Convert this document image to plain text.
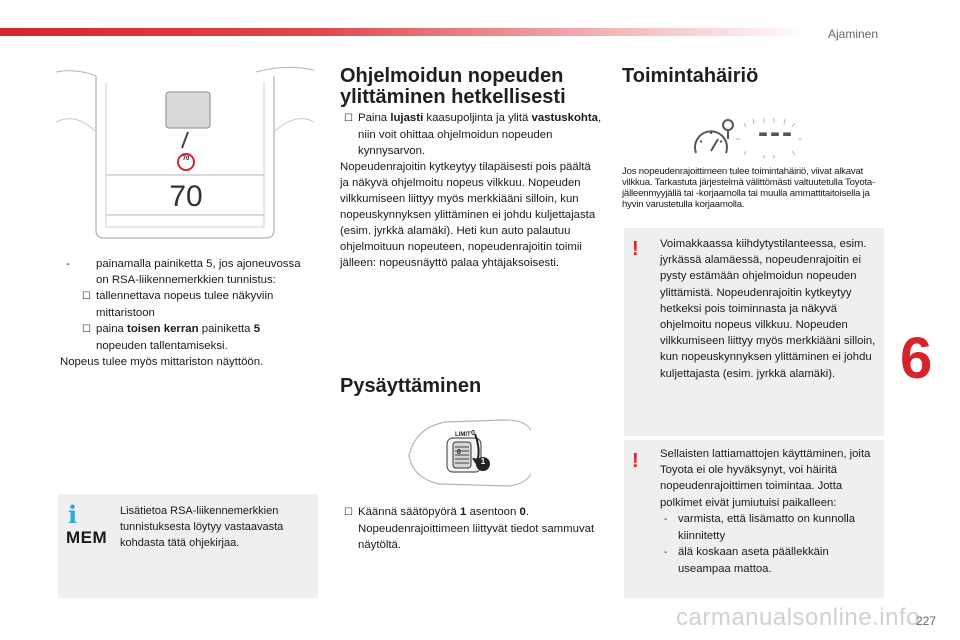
Ajaminen
6
227
70
70

- painamalla painiketta 5, jos ajoneuvossa on RSA-liikennemerkkien tunnistus:

☐ tallennettava nopeus tulee näkyviin mittaristoon

☐ paina toisen kerran painiketta 5 nopeuden tallentamiseksi.

Nopeus tulee myös mittariston näyttöön.

i
MEM
Lisätietoa RSA-liikennemerkkien tunnistuksesta löytyy vastaavasta kohdasta tätä ohjekirjaa.
Ohjelmoidun nopeuden
ylittäminen hetkellisesti

☐ Paina lujasti kaasupoljinta ja ylitä vastuskohta, niin voit ohittaa ohjelmoidun nopeuden kynnysarvon.

Nopeudenrajoitin kytkeytyy tilapäisesti pois päältä ja näkyvä ohjelmoitu nopeus vilkkuu. Nopeuden vilkkumiseen liittyy myös merkkiääni silloin, kun nopeuskynnyksen ylittäminen ei johdu kuljettajasta (esim. jyrkkä alamäki). Heti kun auto palautuu ohjelmoituun nopeuteen, nopeudenrajoitin toimii jälleen: nopeusnäyttö palaa yhtäjaksoisesti.

Pysäyttäminen
LIMIT 0
0
1

☐ Käännä säätöpyörä 1 asentoon 0. Nopeudenrajoittimeen liittyvät tiedot sammuvat näytöltä.

Toimintahäiriö
---
Jos nopeudenrajoittimeen tulee toimintahäiriö, viivat alkavat vilkkua. Tarkastuta järjestelmä välittömästi valtuutetulla Toyota-jälleenmyyjällä tai -korjaamolla tai muulla ammattitaitoisella ja hyvin varustetulla korjaamolla.
!	Voimakkaassa kiihdytystilanteessa, esim. jyrkässä alamäessä, nopeudenrajoitin ei pysty estämään ohjelmoidun nopeuden ylittämistä. Nopeudenrajoitin kytkeytyy hetkeksi pois toiminnasta ja näkyvä ohjelmoitu nopeus vilkkuu. Nopeuden vilkkumiseen liittyy myös merkkiääni silloin, kun nopeuskynnyksen ylittäminen ei johdu kuljettajasta (esim. jyrkkä alamäki).
!	Sellaisten lattiamattojen käyttäminen, joita Toyota ei ole hyväksynyt, voi häiritä nopeudenrajoittimen toimintaa. Jotta polkimet eivät jumiutuisi paikalleen:

- varmista, että lisämatto on kunnolla kiinnitetty

- älä koskaan aseta päällekkäin useampaa mattoa.

carmanualsonline.info
